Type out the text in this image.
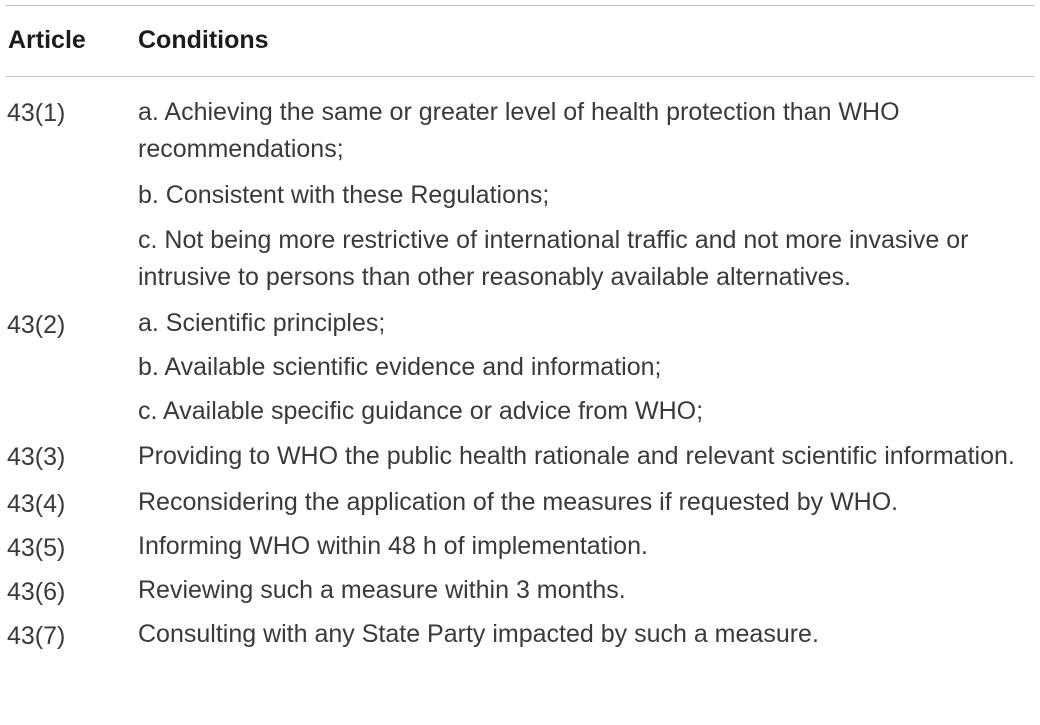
Article Conditions
43(1)	a. Achieving the same or greater level of health protection than WHO recommendations;
b. Consistent with these Regulations;
c. Not being more restrictive of international traffic and not more invasive or intrusive to persons than other reasonably available alternatives.
43(2)	a. Scientific principles;
b. Available scientific evidence and information;
c. Available specific guidance or advice from WHO;
43(3)	Providing to WHO the public health rationale and relevant scientific information.
43(4)	Reconsidering the application of the measures if requested by WHO.
43(5)	Informing WHO within 48 h of implementation.
43(6)	Reviewing such a measure within 3 months.
43(7)	Consulting with any State Party impacted by such a measure.
